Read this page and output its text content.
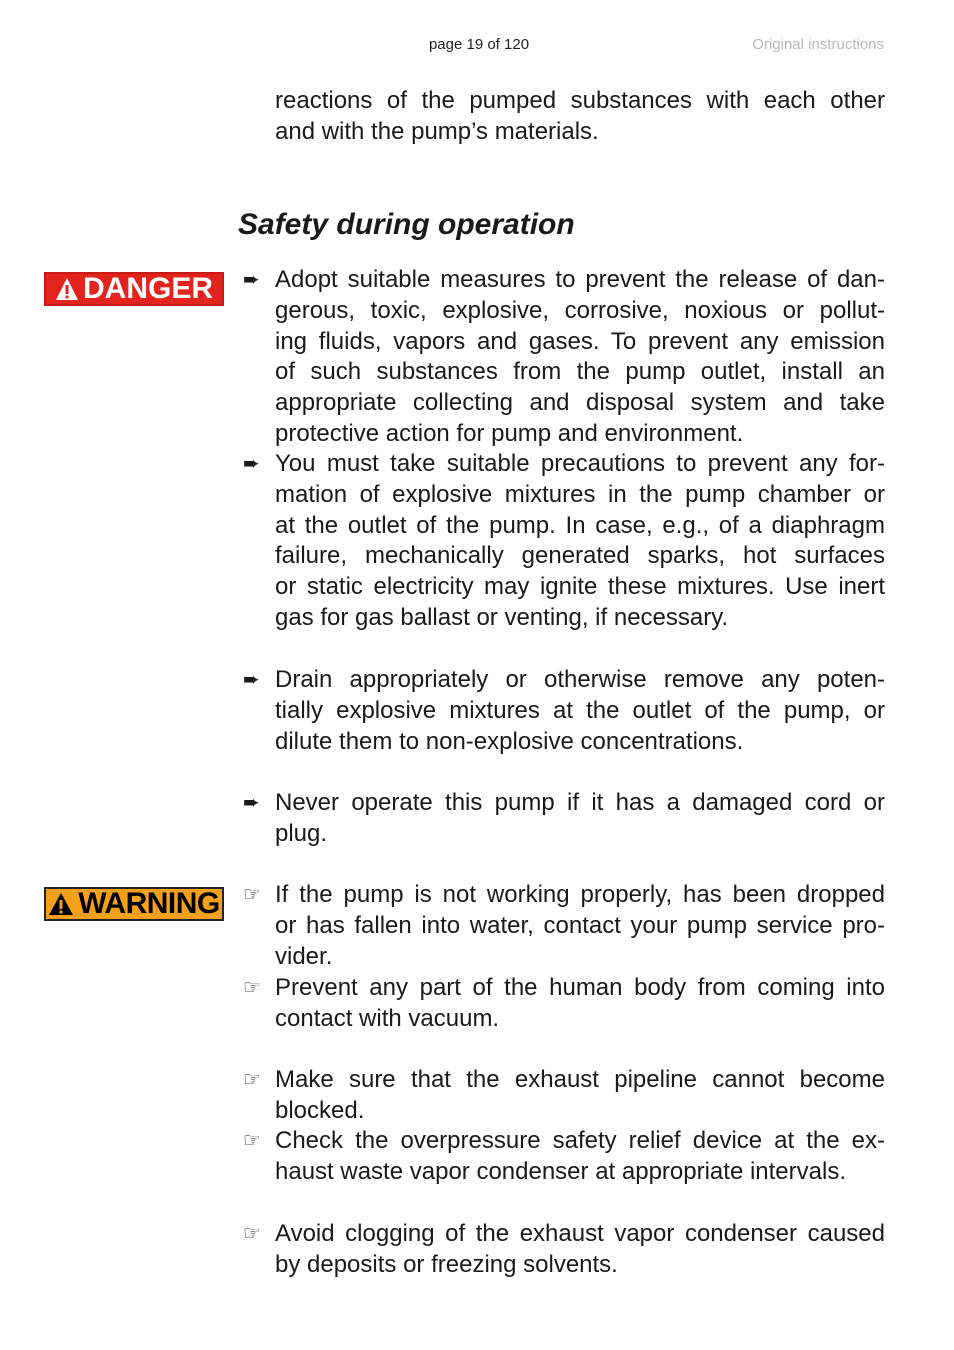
page 19 of 120	Original instructions
reactions of the pumped substances with each other
and with the pump’s materials.
Safety during operation
DANGER
WARNING
➨ Adopt suitable measures to prevent the release of dan-
gerous, toxic, explosive, corrosive, noxious or pollut-
ing fluids, vapors and gases. To prevent any emission
of such substances from the pump outlet, install an
appropriate collecting and disposal system and take
protective action for pump and environment.
➨ You must take suitable precautions to prevent any for-
mation of explosive mixtures in the pump chamber or
at the outlet of the pump. In case, e.g., of a diaphragm
failure, mechanically generated sparks, hot surfaces
or static electricity may ignite these mixtures. Use inert
gas for gas ballast or venting, if necessary.
➨ Drain appropriately or otherwise remove any poten-
tially explosive mixtures at the outlet of the pump, or
dilute them to non-explosive concentrations.
➨ Never operate this pump if it has a damaged cord or
plug.
☞ If the pump is not working properly, has been dropped
or has fallen into water, contact your pump service pro-
vider.
☞ Prevent any part of the human body from coming into
contact with vacuum.
☞ Make sure that the exhaust pipeline cannot become
blocked.
☞ Check the overpressure safety relief device at the ex-
haust waste vapor condenser at appropriate intervals.
☞ Avoid clogging of the exhaust vapor condenser caused
by deposits or freezing solvents.
